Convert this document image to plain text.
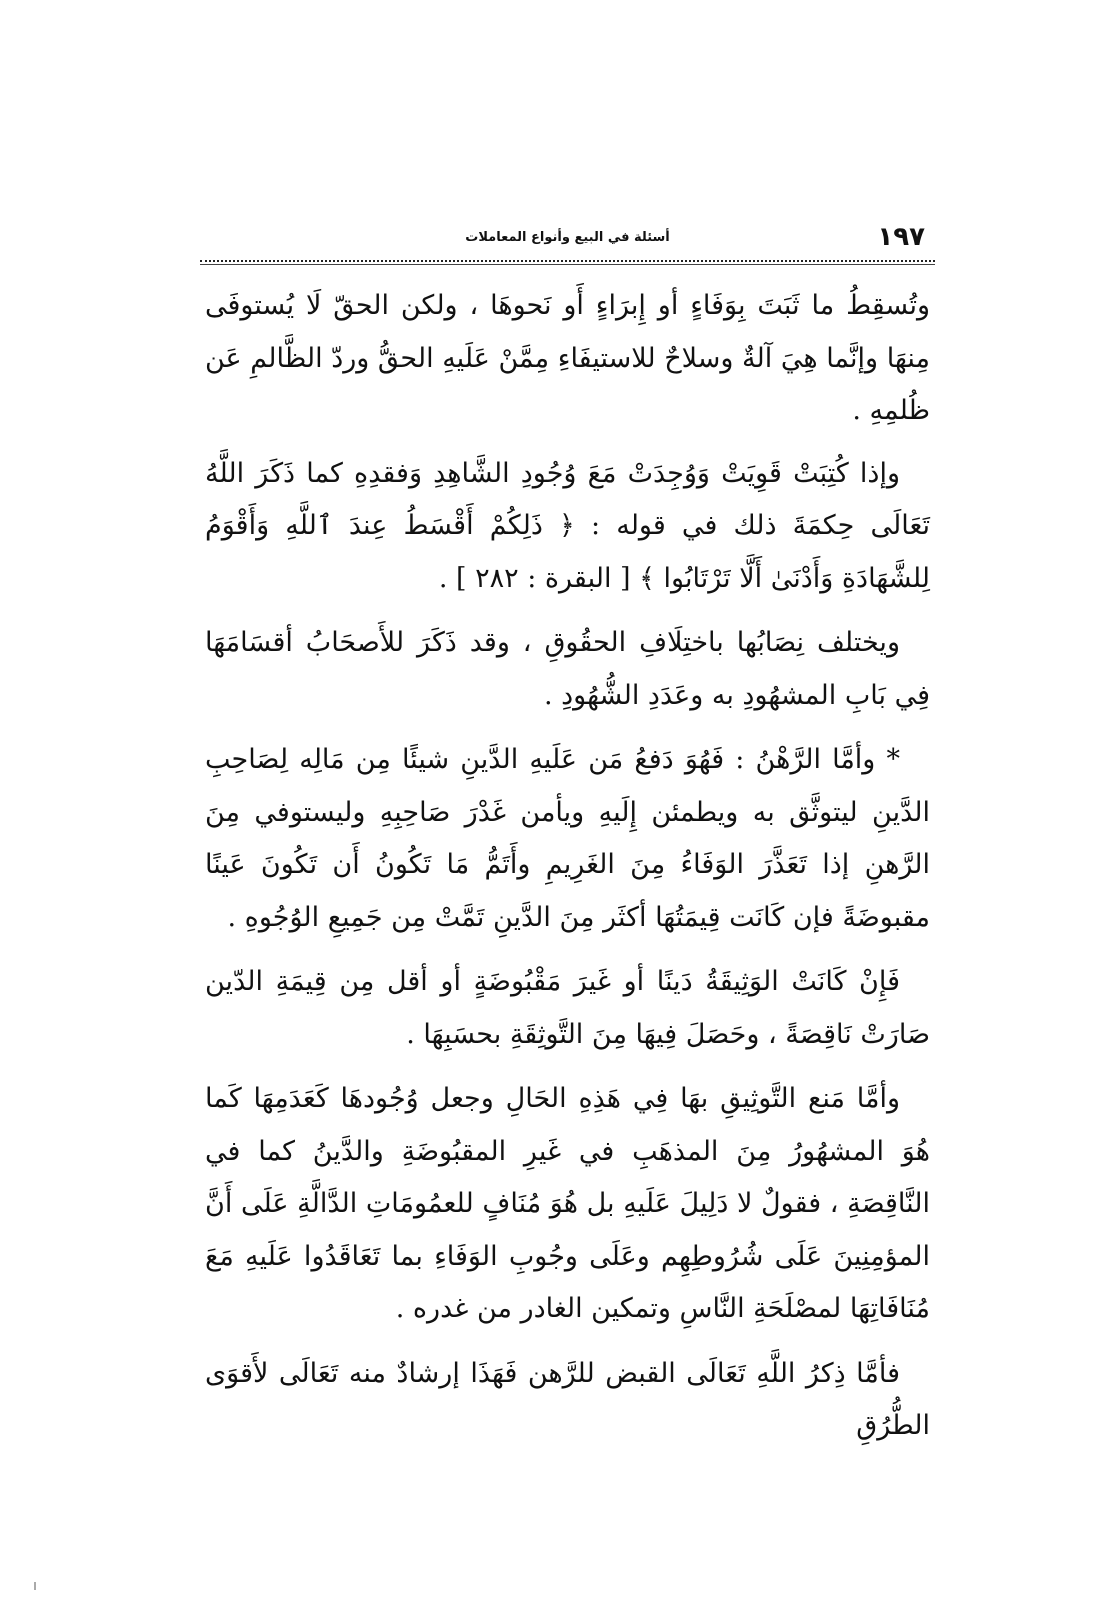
١٩٧
أسئلة في البيع وأنواع المعاملات

وتُسقِطُ ما ثَبَتَ بِوَفَاءٍ أو إِبرَاءٍ أَو نَحوهَا ، ولكن الحقّ لَا يُستوفَى مِنهَا وإنَّما هِيَ آلةٌ وسلاحٌ للاستيفَاءِ مِمَّنْ عَلَيهِ الحقُّ وردّ الظَّالمِ عَن ظُلمِهِ .

وإذا كُتِبَتْ قَوِيَتْ وَوُجِدَتْ مَعَ وُجُودِ الشَّاهِدِ وَفقدِهِ كما ذَكَرَ اللَّهُ تَعَالَى حِكمَةَ ذلك في قوله : ﴿ ذَلِكُمْ أَقْسَطُ عِندَ ٱللَّهِ وَأَقْوَمُ لِلشَّهَادَةِ وَأَدْنَىٰ أَلَّا تَرْتَابُوا ﴾ [ البقرة : ٢٨٢ ] .

ويختلف نِصَابُها باختِلَافِ الحقُوقِ ، وقد ذَكَرَ للأَصحَابُ أقسَامَهَا فِي بَابِ المشهُودِ به وعَدَدِ الشُّهُودِ .

* وأمَّا الرَّهْنُ : فَهُوَ دَفعُ مَن عَلَيهِ الدَّينِ شيئًا مِن مَالِه لِصَاحِبِ الدَّينِ ليتوثَّق به ويطمئن إِلَيهِ ويأمن غَدْرَ صَاحِبِهِ وليستوفي مِنَ الرَّهنِ إذا تَعَذَّرَ الوَفَاءُ مِنَ الغَرِيمِ وأَتَمُّ مَا تَكُونُ أَن تَكُونَ عَينًا مقبوضَةً فإن كَانَت قِيمَتُهَا أكثَر مِنَ الدَّينِ تَمَّتْ مِن جَمِيعِ الوُجُوهِ .

فَإِنْ كَانَتْ الوَثِيقَةُ دَينًا أو غَيرَ مَقْبُوضَةٍ أو أقل مِن قِيمَةِ الدّين صَارَتْ نَاقِصَةً ، وحَصَلَ فِيهَا مِنَ التَّوثِقَةِ بحسَبِهَا .

وأمَّا مَنع التَّوثِيقِ بهَا فِي هَذِهِ الحَالِ وجعل وُجُودهَا كَعَدَمِهَا كَما هُوَ المشهُورُ مِنَ المذهَبِ في غَيرِ المقبُوضَةِ والدَّينُ كما في النَّاقِصَةِ ، فقولٌ لا دَلِيلَ عَلَيهِ بل هُوَ مُنَافٍ للعمُومَاتِ الدَّالَّةِ عَلَى أَنَّ المؤمِنِينَ عَلَى شُرُوطِهِم وعَلَى وجُوبِ الوَفَاءِ بما تَعَاقَدُوا عَلَيهِ مَعَ مُنَافَاتِهَا لمصْلَحَةِ النَّاسِ وتمكين الغادر من غدره .

فأمَّا ذِكرُ اللَّهِ تَعَالَى القبض للرَّهن فَهَذَا إرشادٌ منه تَعَالَى لأَقوَى الطُّرُقِ
